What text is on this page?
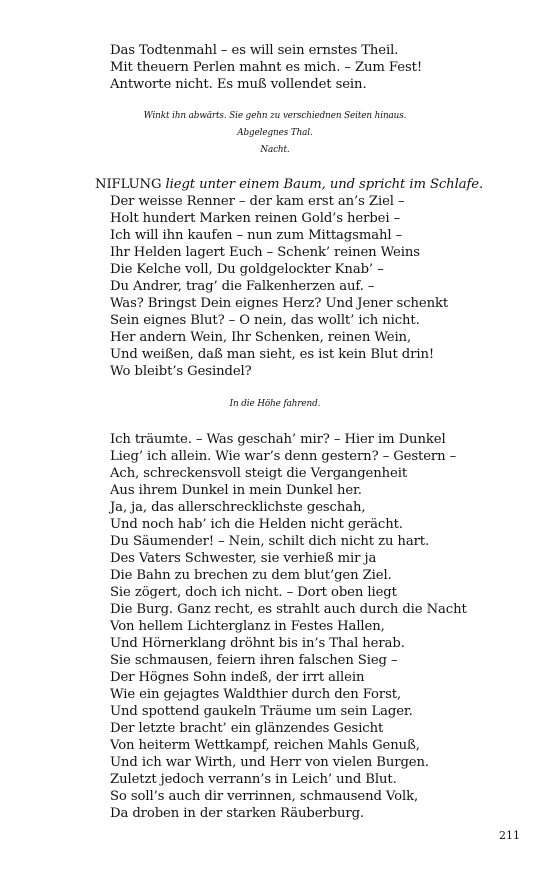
Das Todtenmahl – es will sein ernstes Theil.

Mit theuern Perlen mahnt es mich. – Zum Fest!

Antworte nicht. Es muß vollendet sein.

Winkt ihn abwärts. Sie gehn zu verschiednen Seiten hinaus.

Abgelegnes Thal.

Nacht.

NIFLUNG liegt unter einem Baum, und spricht im Schlafe.

Der weisse Renner – der kam erst an’s Ziel –

Holt hundert Marken reinen Gold’s herbei –

Ich will ihn kaufen – nun zum Mittagsmahl –

Ihr Helden lagert Euch – Schenk’ reinen Weins

Die Kelche voll, Du goldgelockter Knab’ –

Du Andrer, trag’ die Falkenherzen auf. –

Was? Bringst Dein eignes Herz? Und Jener schenkt

Sein eignes Blut? – O nein, das wollt’ ich nicht.

Her andern Wein, Ihr Schenken, reinen Wein,

Und weißen, daß man sieht, es ist kein Blut drin!

Wo bleibt’s Gesindel?

In die Höhe fahrend.

Ich träumte. – Was geschah’ mir? – Hier im Dunkel

Lieg’ ich allein. Wie war’s denn gestern? – Gestern –

Ach, schreckensvoll steigt die Vergangenheit

Aus ihrem Dunkel in mein Dunkel her.

Ja, ja, das allerschrecklichste geschah,

Und noch hab’ ich die Helden nicht gerächt.

Du Säumender! – Nein, schilt dich nicht zu hart.

Des Vaters Schwester, sie verhieß mir ja

Die Bahn zu brechen zu dem blut’gen Ziel.

Sie zögert, doch ich nicht. – Dort oben liegt

Die Burg. Ganz recht, es strahlt auch durch die Nacht

Von hellem Lichterglanz in Festes Hallen,

Und Hörnerklang dröhnt bis in’s Thal herab.

Sie schmausen, feiern ihren falschen Sieg –

Der Högnes Sohn indeß, der irrt allein

Wie ein gejagtes Waldthier durch den Forst,

Und spottend gaukeln Träume um sein Lager.

Der letzte bracht’ ein glänzendes Gesicht

Von heiterm Wettkampf, reichen Mahls Genuß,

Und ich war Wirth, und Herr von vielen Burgen.

Zuletzt jedoch verrann’s in Leich’ und Blut.

So soll’s auch dir verrinnen, schmausend Volk,

Da droben in der starken Räuberburg.

211
